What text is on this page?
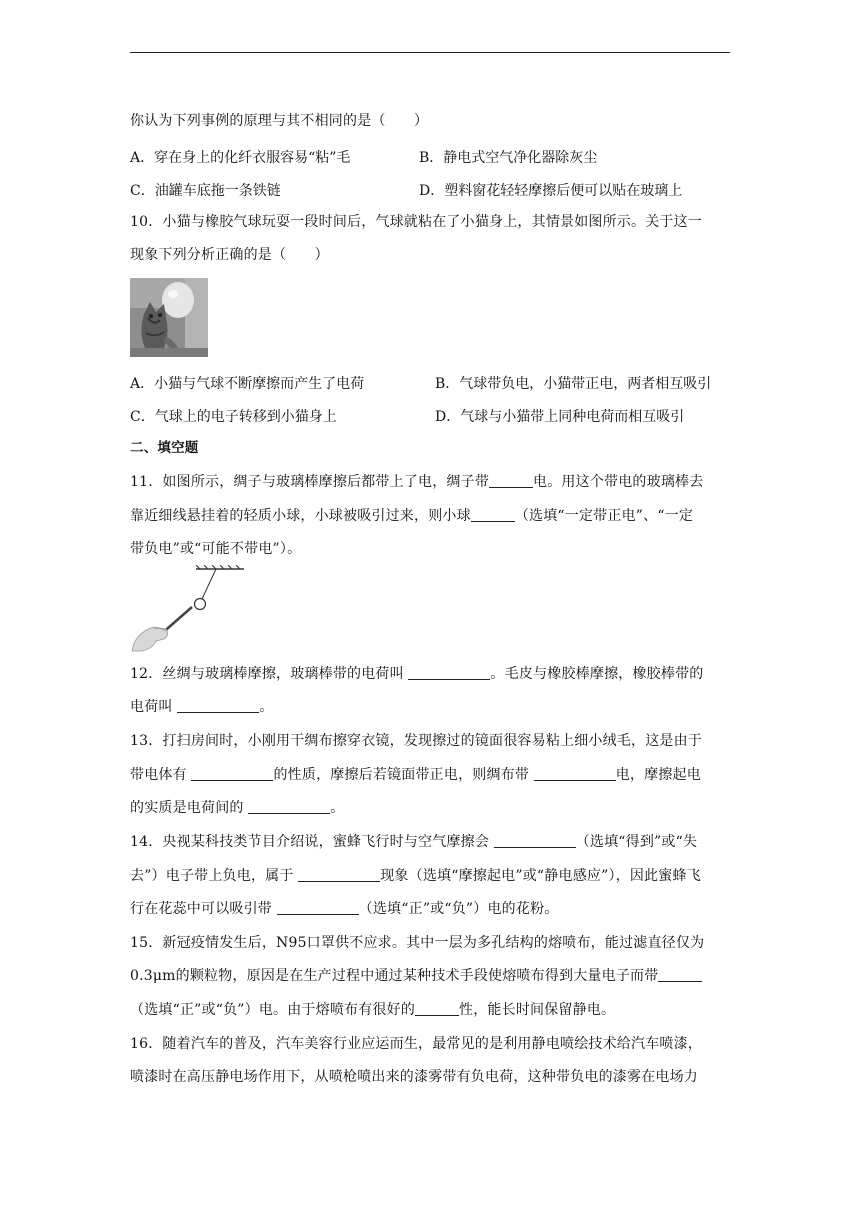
你认为下列事例的原理与其不相同的是（　　）
A．穿在身上的化纤衣服容易“粘”毛	B．静电式空气净化器除灰尘
C．油罐车底拖一条铁链	D．塑料窗花轻轻摩擦后便可以贴在玻璃上
10．小猫与橡胶气球玩耍一段时间后，气球就粘在了小猫身上，其情景如图所示。关于这一
现象下列分析正确的是（　　）
A．小猫与气球不断摩擦而产生了电荷	B．气球带负电，小猫带正电，两者相互吸引
C．气球上的电子转移到小猫身上	D．气球与小猫带上同种电荷而相互吸引
二、填空题
11．如图所示，绸子与玻璃棒摩擦后都带上了电，绸子带	电。用这个带电的玻璃棒去
靠近细线悬挂着的轻质小球，小球被吸引过来，则小球	（选填“一定带正电”、“一定
带负电”或“可能不带电”）。
12．丝绸与玻璃棒摩擦，玻璃棒带的电荷叫	。毛皮与橡胶棒摩擦，橡胶棒带的
电荷叫	。
13．打扫房间时，小刚用干绸布擦穿衣镜，发现擦过的镜面很容易粘上细小绒毛，这是由于
带电体有	的性质，摩擦后若镜面带正电，则绸布带	电，摩擦起电
的实质是电荷间的	。
14．央视某科技类节目介绍说，蜜蜂飞行时与空气摩擦会	（选填“得到”或“失
去”）电子带上负电，属于	现象（选填“摩擦起电”或“静电感应”），因此蜜蜂飞
行在花蕊中可以吸引带	（选填“正”或“负”）电的花粉。
15．新冠疫情发生后，N95口罩供不应求。其中一层为多孔结构的熔喷布，能过滤直径仅为
0.3μm的颗粒物，原因是在生产过程中通过某种技术手段使熔喷布得到大量电子而带
（选填“正”或“负”）电。由于熔喷布有很好的	性，能长时间保留静电。
16．随着汽车的普及，汽车美容行业应运而生，最常见的是利用静电喷绘技术给汽车喷漆，
喷漆时在高压静电场作用下，从喷枪喷出来的漆雾带有负电荷，这种带负电的漆雾在电场力
